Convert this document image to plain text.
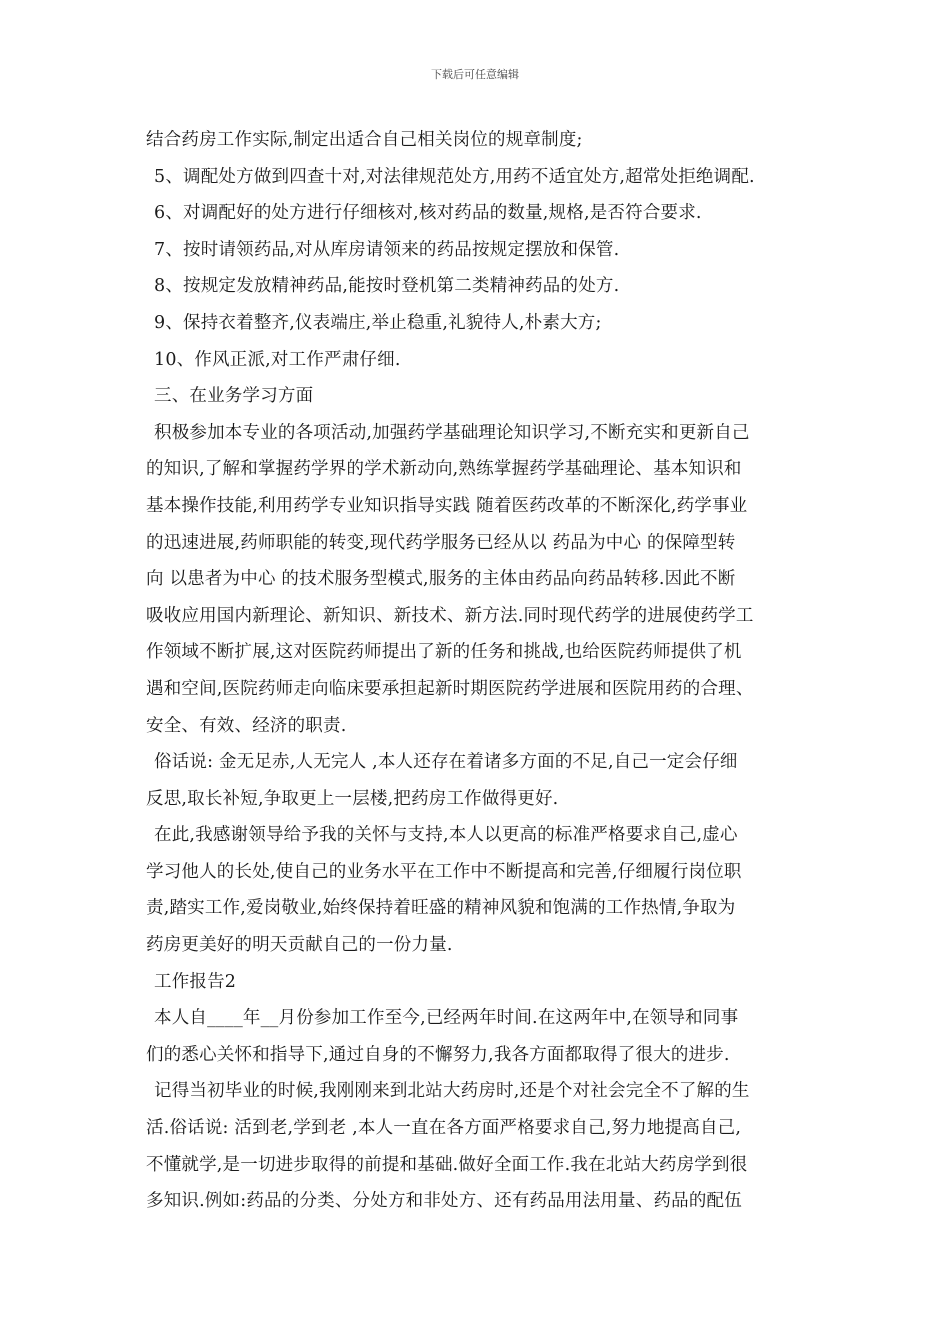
下载后可任意编辑
结合药房工作实际,制定出适合自己相关岗位的规章制度;
5、调配处方做到四查十对,对法律规范处方,用药不适宜处方,超常处拒绝调配.
6、对调配好的处方进行仔细核对,核对药品的数量,规格,是否符合要求.
7、按时请领药品,对从库房请领来的药品按规定摆放和保管.
8、按规定发放精神药品,能按时登机第二类精神药品的处方.
9、保持衣着整齐,仪表端庄,举止稳重,礼貌待人,朴素大方;
10、作风正派,对工作严肃仔细.
三、在业务学习方面
积极参加本专业的各项活动,加强药学基础理论知识学习,不断充实和更新自己
的知识,了解和掌握药学界的学术新动向,熟练掌握药学基础理论、基本知识和
基本操作技能,利用药学专业知识指导实践 随着医药改革的不断深化,药学事业
的迅速进展,药师职能的转变,现代药学服务已经从以 药品为中心 的保障型转
向 以患者为中心 的技术服务型模式,服务的主体由药品向药品转移.因此不断
吸收应用国内新理论、新知识、新技术、新方法.同时现代药学的进展使药学工
作领域不断扩展,这对医院药师提出了新的任务和挑战,也给医院药师提供了机
遇和空间,医院药师走向临床要承担起新时期医院药学进展和医院用药的合理、
安全、有效、经济的职责.
俗话说: 金无足赤,人无完人 ,本人还存在着诸多方面的不足,自己一定会仔细
反思,取长补短,争取更上一层楼,把药房工作做得更好.
在此,我感谢领导给予我的关怀与支持,本人以更高的标准严格要求自己,虚心
学习他人的长处,使自己的业务水平在工作中不断提高和完善,仔细履行岗位职
责,踏实工作,爱岗敬业,始终保持着旺盛的精神风貌和饱满的工作热情,争取为
药房更美好的明天贡献自己的一份力量.
工作报告2
本人自____年__月份参加工作至今,已经两年时间.在这两年中,在领导和同事
们的悉心关怀和指导下,通过自身的不懈努力,我各方面都取得了很大的进步.
记得当初毕业的时候,我刚刚来到北站大药房时,还是个对社会完全不了解的生
活.俗话说: 活到老,学到老 ,本人一直在各方面严格要求自己,努力地提高自己,
不懂就学,是一切进步取得的前提和基础.做好全面工作.我在北站大药房学到很
多知识.例如:药品的分类、分处方和非处方、还有药品用法用量、药品的配伍
